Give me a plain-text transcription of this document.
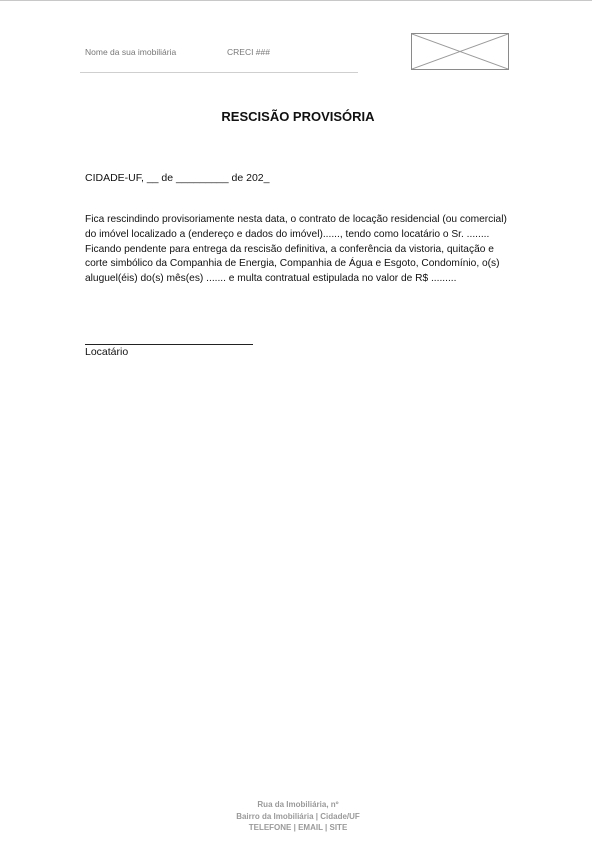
Nome da sua imobiliária	CRECI ###
RESCISÃO PROVISÓRIA
CIDADE-UF, __ de _________ de 202_
Fica rescindindo provisoriamente nesta data, o contrato de locação residencial (ou comercial) do imóvel localizado a (endereço e dados do imóvel)......, tendo como locatário o Sr. ........ Ficando pendente para entrega da rescisão definitiva, a conferência da vistoria, quitação e corte simbólico da Companhia de Energia, Companhia de Água e Esgoto, Condomínio, o(s) aluguel(éis) do(s) mês(es) ....... e multa contratual estipulada no valor de R$ .........
Locatário
Rua da Imobiliária, nº
Bairro da Imobiliária | Cidade/UF
TELEFONE | EMAIL | SITE
